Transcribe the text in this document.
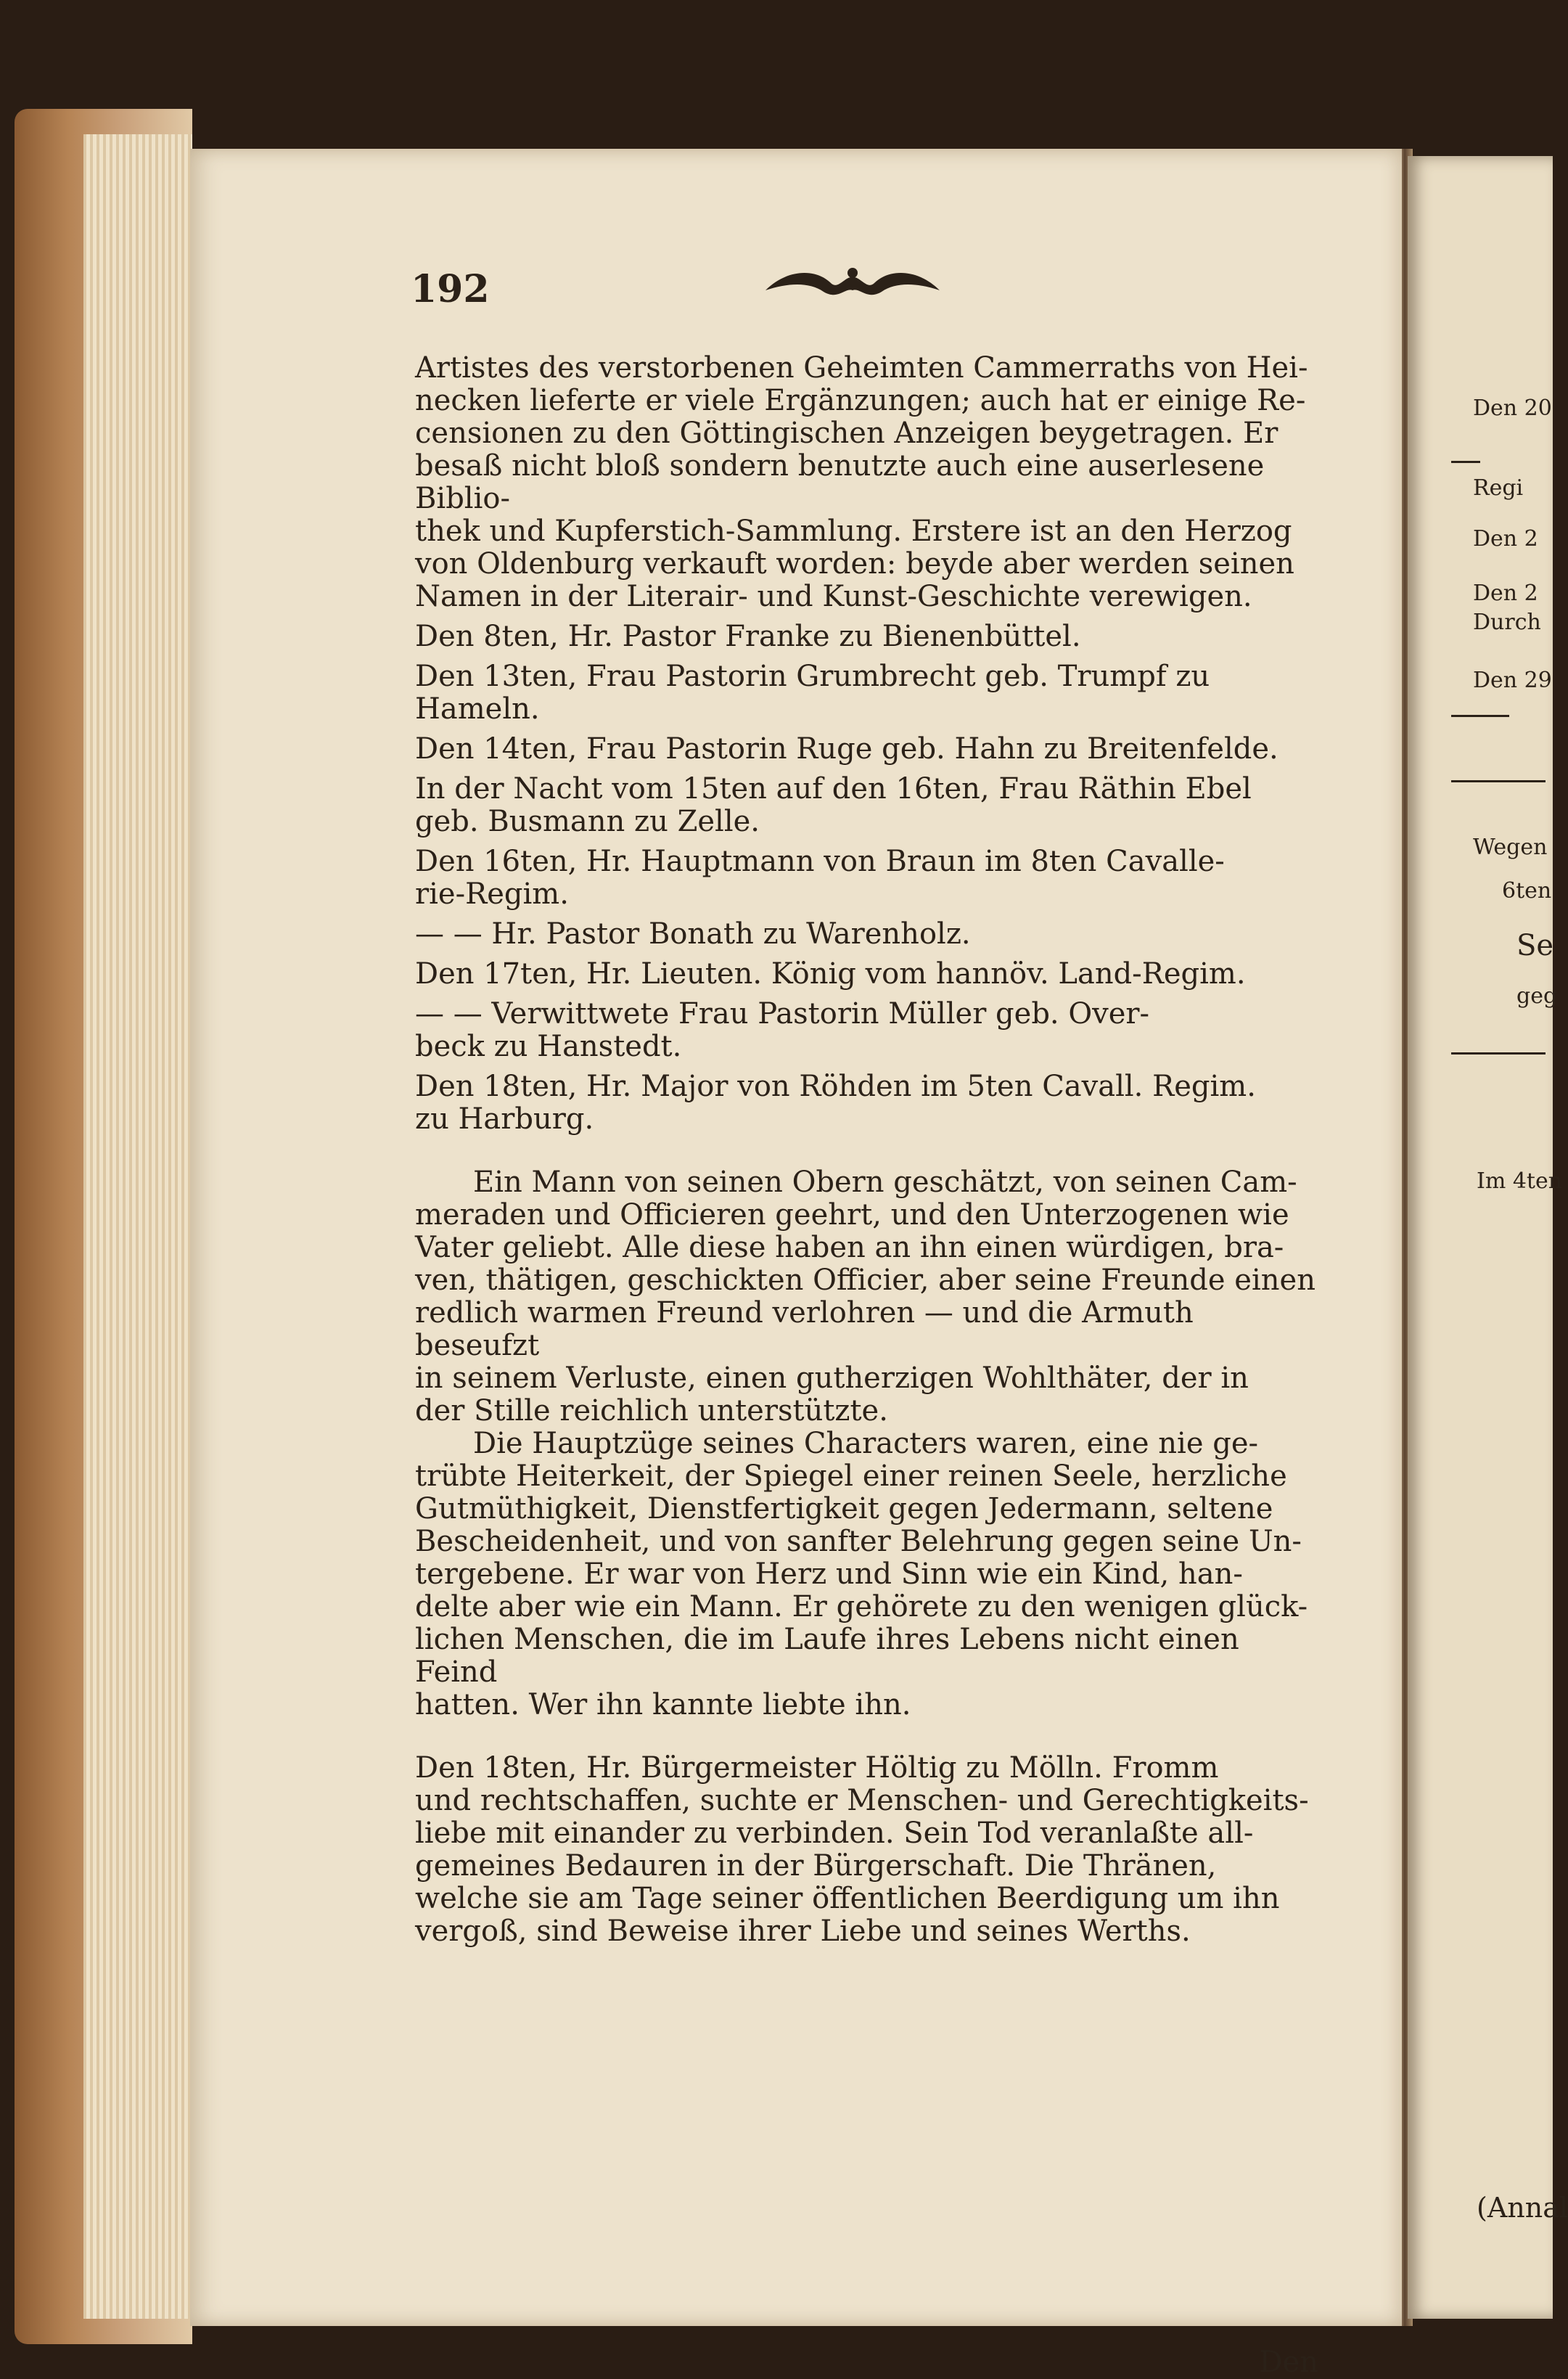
Den 20
Regi
Den 2
Den 2
Durch
Den 29
Wegen
6ten
Se
geg
Im 4ten
(Annal
192
Artistes des verstorbenen Geheimten Cammerraths von Hei-
necken lieferte er viele Ergänzungen; auch hat er einige Re-
censionen zu den Göttingischen Anzeigen beygetragen. Er
besaß nicht bloß sondern benutzte auch eine auserlesene Biblio-
thek und Kupferstich-Sammlung. Erstere ist an den Herzog
von Oldenburg verkauft worden: beyde aber werden seinen
Namen in der Literair- und Kunst-Geschichte verewigen.
Den 8ten, Hr. Pastor Franke zu Bienenbüttel.
Den 13ten, Frau Pastorin Grumbrecht geb. Trumpf zu
Hameln.
Den 14ten, Frau Pastorin Ruge geb. Hahn zu Breitenfelde.
In der Nacht vom 15ten auf den 16ten, Frau Räthin Ebel
geb. Busmann zu Zelle.
Den 16ten, Hr. Hauptmann von Braun im 8ten Cavalle-
rie-Regim.
— — Hr. Pastor Bonath zu Warenholz.
Den 17ten, Hr. Lieuten. König vom hannöv. Land-Regim.
— — Verwittwete Frau Pastorin Müller geb. Over-
beck zu Hanstedt.
Den 18ten, Hr. Major von Röhden im 5ten Cavall. Regim.
zu Harburg.
Ein Mann von seinen Obern geschätzt, von seinen Cam-
meraden und Officieren geehrt, und den Unterzogenen wie
Vater geliebt. Alle diese haben an ihn einen würdigen, bra-
ven, thätigen, geschickten Officier, aber seine Freunde einen
redlich warmen Freund verlohren — und die Armuth beseufzt
in seinem Verluste, einen gutherzigen Wohlthäter, der in
der Stille reichlich unterstützte.
Die Hauptzüge seines Characters waren, eine nie ge-
trübte Heiterkeit, der Spiegel einer reinen Seele, herzliche
Gutmüthigkeit, Dienstfertigkeit gegen Jedermann, seltene
Bescheidenheit, und von sanfter Belehrung gegen seine Un-
tergebene. Er war von Herz und Sinn wie ein Kind, han-
delte aber wie ein Mann. Er gehörete zu den wenigen glück-
lichen Menschen, die im Laufe ihres Lebens nicht einen Feind
hatten. Wer ihn kannte liebte ihn.
Den 18ten, Hr. Bürgermeister Höltig zu Mölln. Fromm
und rechtschaffen, suchte er Menschen- und Gerechtigkeits-
liebe mit einander zu verbinden. Sein Tod veranlaßte all-
gemeines Bedauren in der Bürgerschaft. Die Thränen,
welche sie am Tage seiner öffentlichen Beerdigung um ihn
vergoß, sind Beweise ihrer Liebe und seines Werths.
Den
